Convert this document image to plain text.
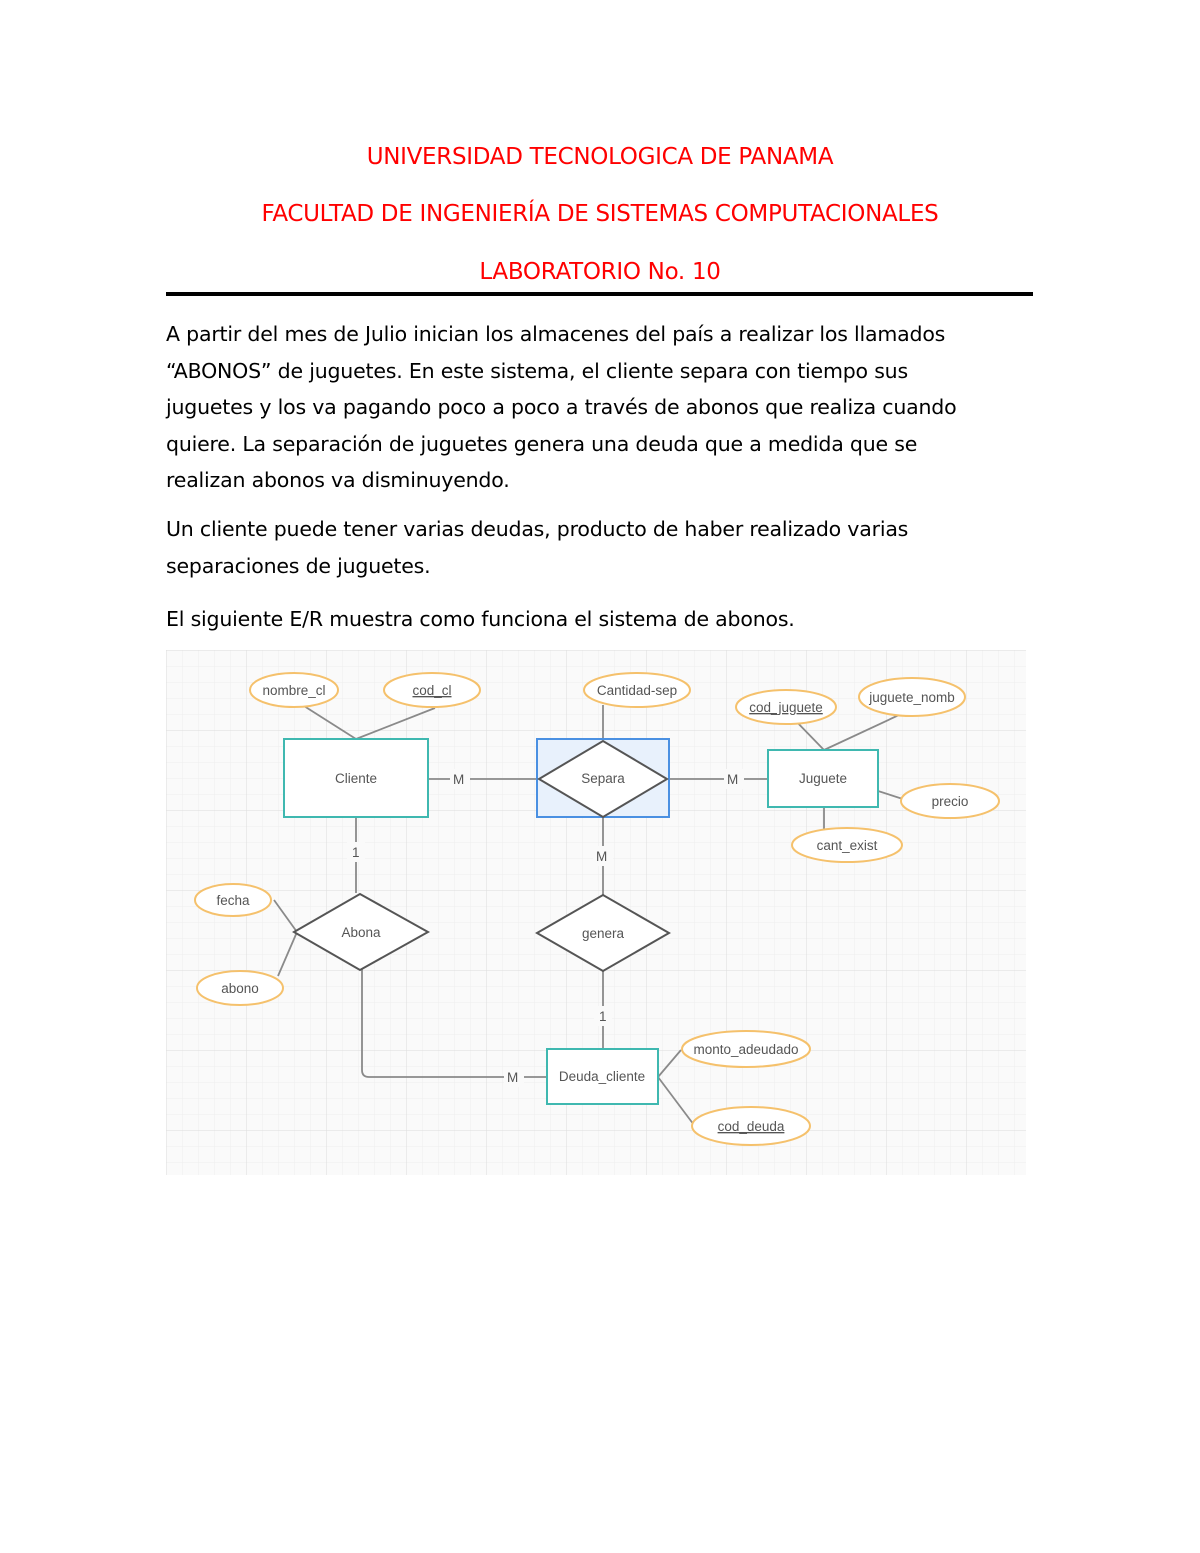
UNIVERSIDAD TECNOLOGICA DE PANAMA
FACULTAD DE INGENIERÍA DE SISTEMAS COMPUTACIONALES
LABORATORIO No. 10
A partir del mes de Julio inician los almacenes del país a realizar los llamados
“ABONOS” de juguetes. En este sistema, el cliente separa con tiempo sus
juguetes y los va pagando poco a poco a través de abonos que realiza cuando
quiere. La separación de juguetes genera una deuda que a medida que se
realizan abonos va disminuyendo.
Un cliente puede tener varias deudas, producto de haber realizado varias
separaciones de juguetes.
El siguiente E/R muestra como funciona el sistema de abonos.
M	M
1	M
1
M
Cliente	Juguete
Deuda_cliente
Separa
Abona	genera
nombre_cl	cod_cl	Cantidad-sep
cod_juguete
juguete_nomb
precio
cant_exist
fecha
abono
monto_adeudado
cod_deuda
